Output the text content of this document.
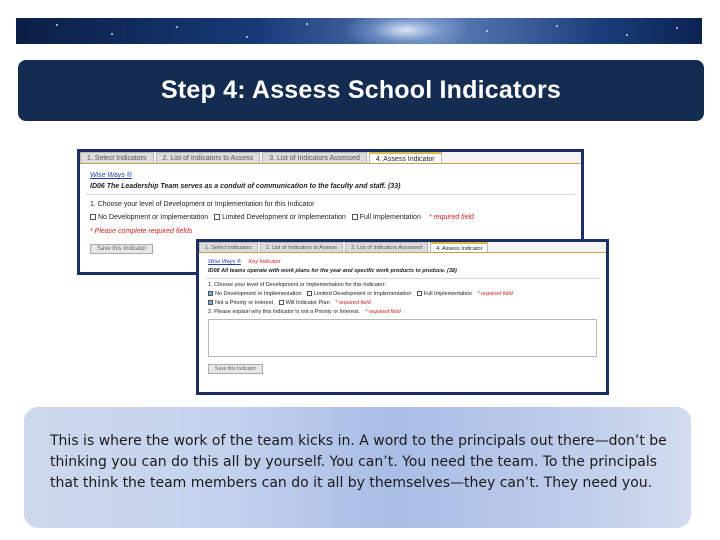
Step 4: Assess School Indicators
1. Select Indicators	2. List of Indicators to Assess	3. List of Indicators Assessed	4. Assess Indicator
Wise Ways ®
ID06 The Leadership Team serves as a conduit of communication to the faculty and staff. (33)
1. Choose your level of Development or Implementation for this Indicator
No Development or Implementation Limited Development or Implementation Full Implementation * required field
* Please complete required fields
Save this Indicator	1. Select Indicators	2. List of Indicators to Assess	3. List of Indicators Assessed	4. Assess Indicator
Wise Ways ® Key Indicator
ID08 All teams operate with work plans for the year and specific work products to produce. (38)
1. Choose your level of Development or Implementation for this Indicator:
No Development or Implementation Limited Development or Implementation Full Implementation * required field
Not a Priority or Interest Will Indicator Plan * required field
2. Please explain why this Indicator is not a Priority or Interest. * required field
Save this Indicator

This is where the work of the team kicks in. A word to the principals out there—don’t be thinking you can do this all by yourself. You can’t. You need the team. To the principals that think the team members can do it all by themselves—they can’t. They need you.
